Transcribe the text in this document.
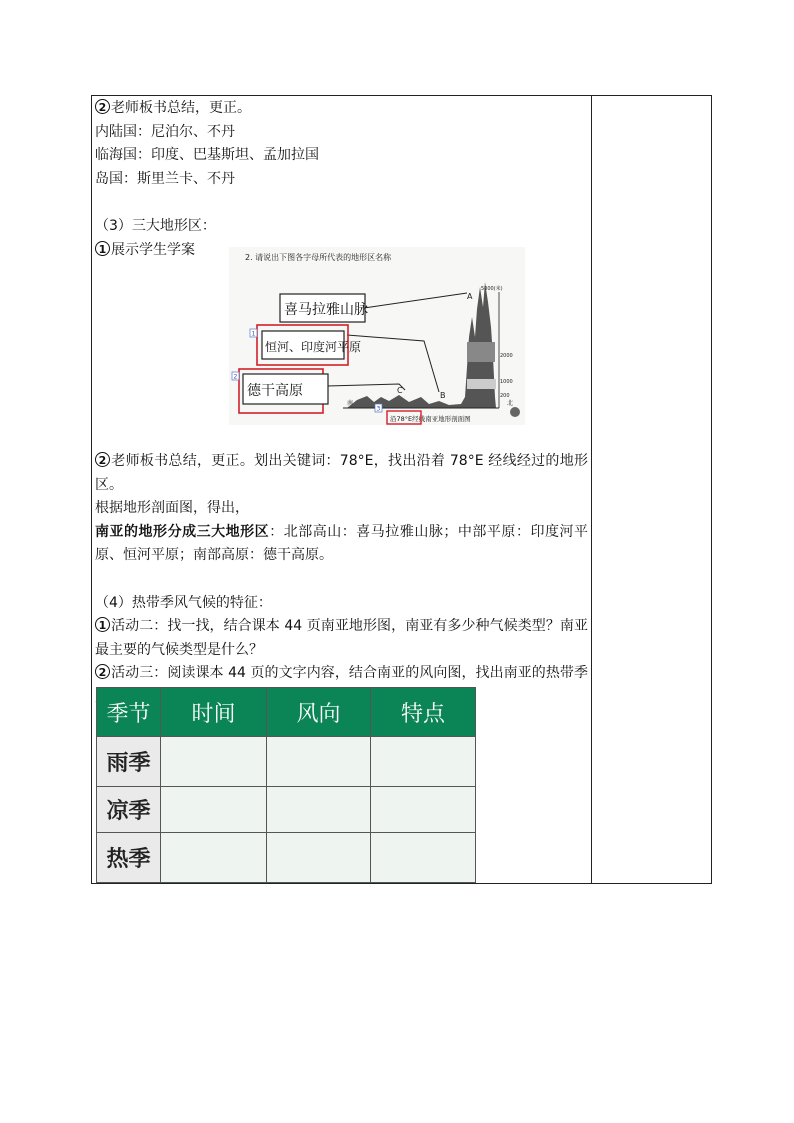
2 老师板书总结，更正。
内陆国：尼泊尔、不丹
临海国：印度、巴基斯坦、孟加拉国
岛国：斯里兰卡、不丹
（3）三大地形区：
1 展示学生学案
2 老师板书总结，更正。划出关键词：78°E，找出沿着 78°E 经线经过的地形区。
根据地形剖面图，得出，
南亚的地形分成三大地形区：北部高山：喜马拉雅山脉；中部平原：印度河平原、恒河平原；南部高原：德干高原。
（4）热带季风气候的特征：
1 活动二：找一找，结合课本 44 页南亚地形图，南亚有多少种气候类型？南亚最主要的气候类型是什么？
2 活动三：阅读课本 44 页的文字内容，结合南亚的风向图，找出南亚的热带季
2. 请说出下图各字母所代表的地形区名称
5000(米)
2000
1000
200
北
南
A
B
C
喜马拉雅山脉
恒河、印度河平原
德干高原
1
2
3
沿78°E经线南亚地形剖面图
季节	时间	风向	特点
雨季			
凉季			
热季			
